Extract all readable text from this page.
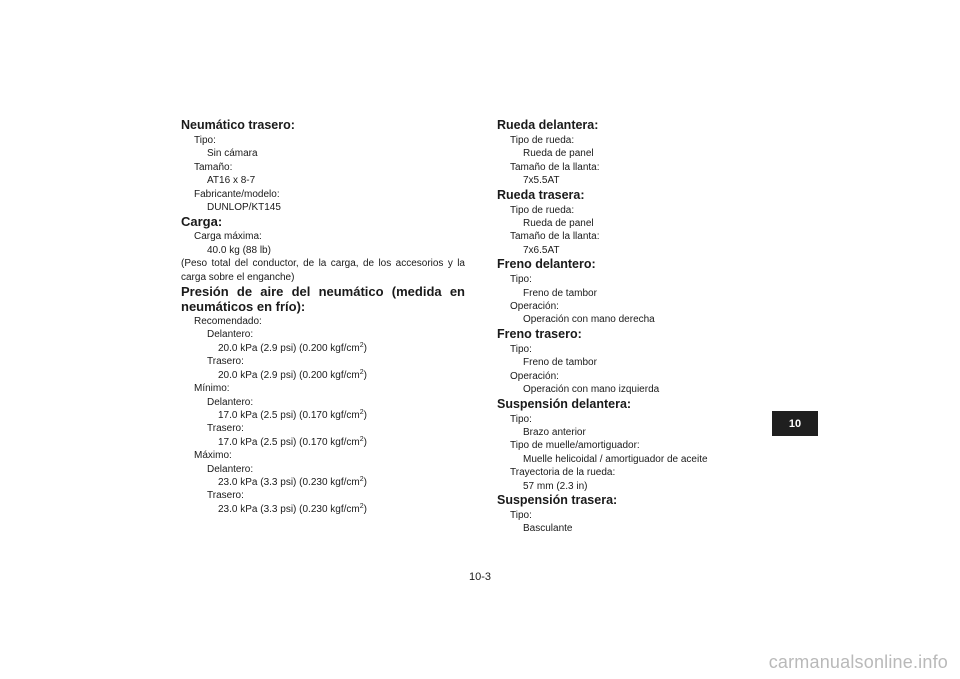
Neumático trasero:
Tipo:
Sin cámara
Tamaño:
AT16 x 8-7
Fabricante/modelo:
DUNLOP/KT145
Carga:
Carga máxima:
40.0 kg (88 lb)
(Peso total del conductor, de la carga, de los accesorios y la carga sobre el enganche)
Presión de aire del neumático (medida en neumáticos en frío):
Recomendado:
Delantero:
20.0 kPa (2.9 psi) (0.200 kgf/$cm^2$)
Trasero:
20.0 kPa (2.9 psi) (0.200 kgf/$cm^2$)
Mínimo:
Delantero:
17.0 kPa (2.5 psi) (0.170 kgf/$cm^2$)
Trasero:
17.0 kPa (2.5 psi) (0.170 kgf/$cm^2$)
Máximo:
Delantero:
23.0 kPa (3.3 psi) (0.230 kgf/$cm^2$)
Trasero:
23.0 kPa (3.3 psi) (0.230 kgf/$cm^2$)
Rueda delantera:
Tipo de rueda:
Rueda de panel
Tamaño de la llanta:
7x5.5AT
Rueda trasera:
Tipo de rueda:
Rueda de panel
Tamaño de la llanta:
7x6.5AT
Freno delantero:
Tipo:
Freno de tambor
Operación:
Operación con mano derecha
Freno trasero:
Tipo:
Freno de tambor
Operación:
Operación con mano izquierda
Suspensión delantera:
Tipo:
Brazo anterior
Tipo de muelle/amortiguador:
Muelle helicoidal / amortiguador de aceite
Trayectoria de la rueda:
57 mm (2.3 in)
Suspensión trasera:
Tipo:
Basculante
10
10-3
carmanualsonline.info
